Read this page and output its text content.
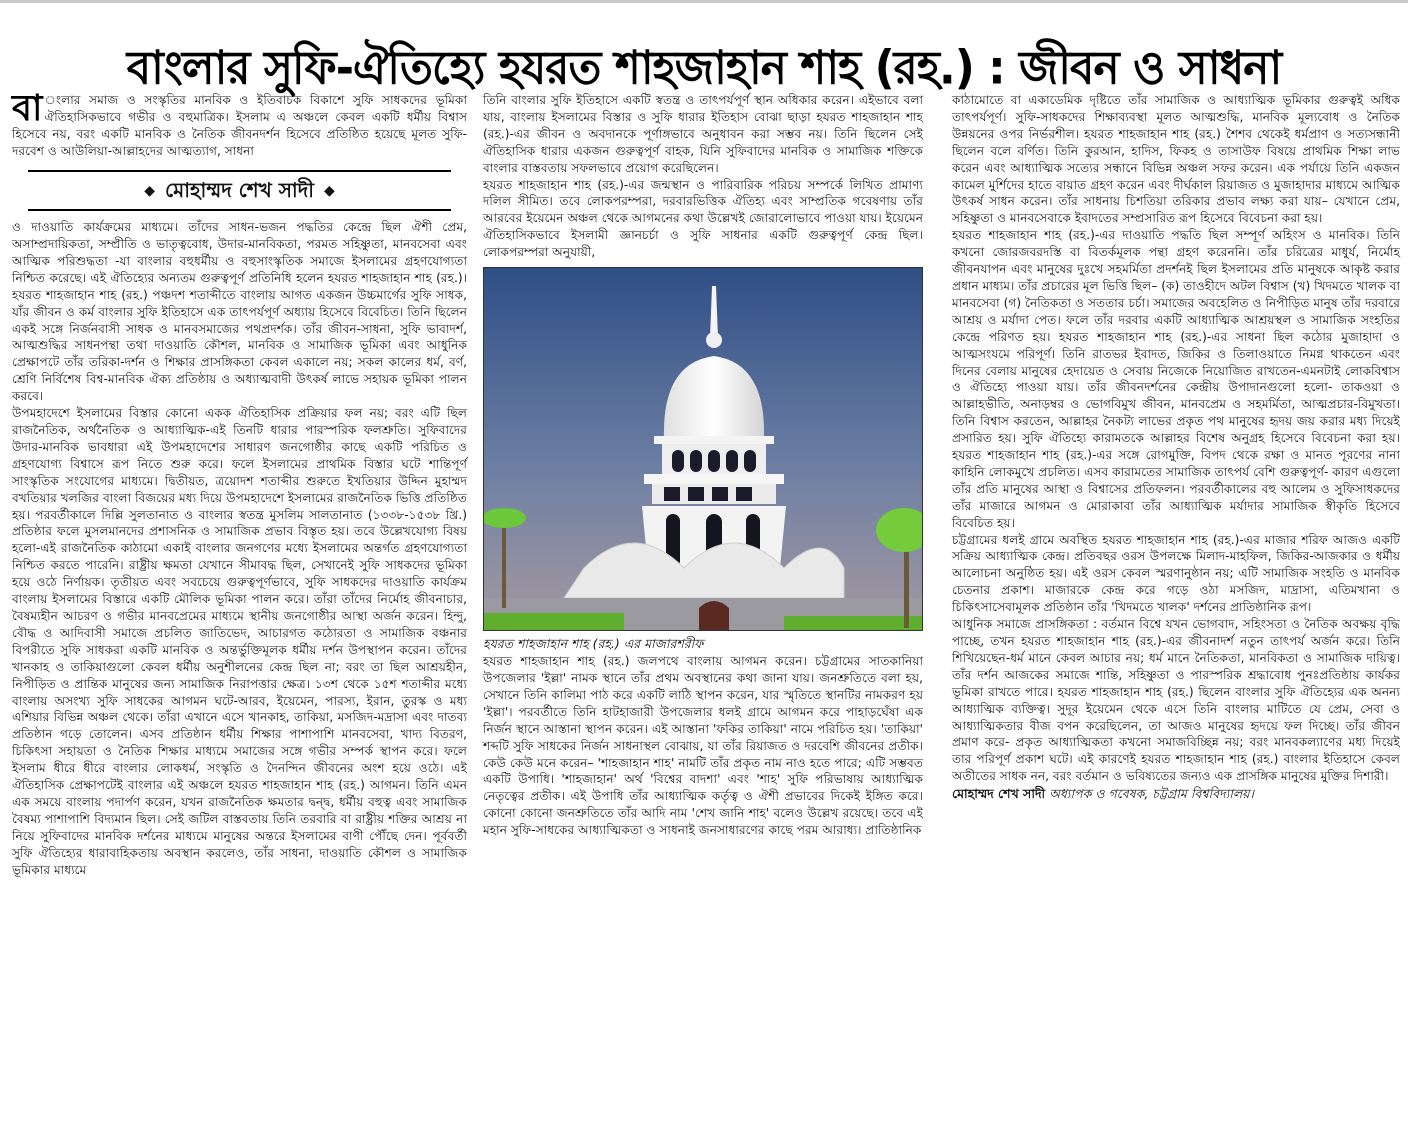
বাংলার সুফি-ঐতিহ্যে হযরত শাহজাহান শাহ (রহ.) : জীবন ও সাধনা

বা ংলার সমাজ ও সংস্কৃতির মানবিক ও ইতিবাচক বিকাশে সুফি সাধকদের ভূমিকা ঐতিহাসিকভাবে গভীর ও বহুমাত্রিক। ইসলাম এ অঞ্চলে কেবল একটি ধর্মীয় বিশ্বাস হিসেবে নয়, বরং একটি মানবিক ও নৈতিক জীবনদর্শন হিসেবে প্রতিষ্ঠিত হয়েছে মূলত সুফি-দরবেশ ও আউলিয়া-আল্লাহদের আত্মত্যাগ, সাধনা

◆ মোহাম্মদ শেখ সাদী ◆

ও দাওয়াতি কার্যক্রমের মাধ্যমে। তাঁদের সাধন-ভজন পদ্ধতির কেন্দ্রে ছিল ঐশী প্রেম, অসাম্প্রদায়িকতা, সম্প্রীতি ও ভাতৃত্ববোধ, উদার-মানবিকতা, পরমত সহিষ্ণুতা, মানবসেবা এবং আত্মিক পরিশুদ্ধতা -যা বাংলার বহুধর্মীয় ও বহুসাংস্কৃতিক সমাজে ইসলামের গ্রহণযোগ্যতা নিশ্চিত করেছে। এই ঐতিহ্যের অন্যতম গুরুত্বপূর্ণ প্রতিনিধি হলেন হযরত শাহজাহান শাহ (রহ.)। হযরত শাহজাহান শাহ (রহ.) পঞ্চদশ শতাব্দীতে বাংলায় আগত একজন উচ্চমার্গের সুফি সাধক, যাঁর জীবন ও কর্ম বাংলার সুফি ইতিহাসে এক তাৎপর্যপূর্ণ অধ্যায় হিসেবে বিবেচিত। তিনি ছিলেন একই সঙ্গে নির্জনবাসী সাধক ও মানবসমাজের পথপ্রদর্শক। তাঁর জীবন-সাধনা, সুফি ভাবাদর্শ, আত্মশুদ্ধির সাধনপন্থা তথা দাওয়াতি কৌশল, মানবিক ও সামাজিক ভূমিকা এবং আধুনিক প্রেক্ষাপটে তাঁর তরিকা-দর্শন ও শিক্ষার প্রাসঙ্গিকতা কেবল একালে নয়; সকল কালের ধর্ম, বর্ণ, শ্রেণি নির্বিশেষ বিশ্ব-মানবিক ঐক্য প্রতিষ্ঠায় ও অধ্যাত্মবাদী উৎকর্ষ লাভে সহায়ক ভূমিকা পালন করবে।

উপমহাদেশে ইসলামের বিস্তার কোনো একক ঐতিহাসিক প্রক্রিয়ার ফল নয়; বরং এটি ছিল রাজনৈতিক, অর্থনৈতিক ও আধ্যাত্মিক-এই তিনটি ধারার পারস্পরিক ফলশ্রুতি। সুফিবাদের উদার-মানবিক ভাবধারা এই উপমহাদেশের সাধারণ জনগোষ্ঠীর কাছে একটি পরিচিত ও গ্রহণযোগ্য বিশ্বাসে রূপ নিতে শুরু করে। ফলে ইসলামের প্রাথমিক বিস্তার ঘটে শান্তিপূর্ণ সাংস্কৃতিক সংযোগের মাধ্যমে। দ্বিতীয়ত, ত্রয়োদশ শতাব্দীর শুরুতে ইখতিয়ার উদ্দিন মুহাম্মদ বখতিয়ার খলজির বাংলা বিজয়ের মধ্য দিয়ে উপমহাদেশে ইসলামের রাজনৈতিক ভিত্তি প্রতিষ্ঠিত হয়। পরবর্তীকালে দিল্লি সুলতানাত ও বাংলার স্বতন্ত্র মুসলিম সালতানাত (১৩৩৮-১৫৩৮ খ্রি.) প্রতিষ্ঠার ফলে মুসলমানদের প্রশাসনিক ও সামাজিক প্রভাব বিস্তৃত হয়। তবে উল্লেখযোগ্য বিষয় হলো-এই রাজনৈতিক কাঠামো একাই বাংলার জনগণের মধ্যে ইসলামের অন্তর্গত গ্রহণযোগ্যতা নিশ্চিত করতে পারেনি। রাষ্ট্রীয় ক্ষমতা যেখানে সীমাবদ্ধ ছিল, সেখানেই সুফি সাধকদের ভূমিকা হয়ে ওঠে নির্ণায়ক। তৃতীয়ত এবং সবচেয়ে গুরুত্বপূর্ণভাবে, সুফি সাধকদের দাওয়াতি কার্যক্রম বাংলায় ইসলামের বিস্তারে একটি মৌলিক ভূমিকা পালন করে। তাঁরা তাঁদের নির্মোহ জীবনাচার, বৈষম্যহীন আচরণ ও গভীর মানবপ্রেমের মাধ্যমে স্থানীয় জনগোষ্ঠীর আস্থা অর্জন করেন। হিন্দু, বৌদ্ধ ও আদিবাসী সমাজে প্রচলিত জাতিভেদ, আচারগত কঠোরতা ও সামাজিক বঞ্চনার বিপরীতে সুফি সাধকরা একটি মানবিক ও অন্তর্ভুক্তিমূলক ধর্মীয় দর্শন উপস্থাপন করেন। তাঁদের খানকাহ ও তাকিয়াগুলো কেবল ধর্মীয় অনুশীলনের কেন্দ্র ছিল না; বরং তা ছিল আশ্রয়হীন, নিপীড়িত ও প্রান্তিক মানুষের জন্য সামাজিক নিরাপত্তার ক্ষেত্র। ১৩শ থেকে ১৫শ শতাব্দীর মধ্যে বাংলায় অসংখ্য সুফি সাধকের আগমন ঘটে-আরব, ইয়েমেন, পারস্য, ইরান, তুরস্ক ও মধ্য এশিয়ার বিভিন্ন অঞ্চল থেকে। তাঁরা এখানে এসে খানকাহ, তাকিয়া, মসজিদ-মদ্রাসা এবং দাতব্য প্রতিষ্ঠান গড়ে তোলেন। এসব প্রতিষ্ঠান ধর্মীয় শিক্ষার পাশাপাশি মানবসেবা, খাদ্য বিতরণ, চিকিৎসা সহায়তা ও নৈতিক শিক্ষার মাধ্যমে সমাজের সঙ্গে গভীর সম্পর্ক স্থাপন করে। ফলে ইসলাম ধীরে ধীরে বাংলার লোকধর্ম, সংস্কৃতি ও দৈনন্দিন জীবনের অংশ হয়ে ওঠে। এই ঐতিহাসিক প্রেক্ষাপটেই বাংলার এই অঞ্চলে হযরত শাহজাহান শাহ (রহ.) আগমন। তিনি এমন এক সময়ে বাংলায় পদার্পণ করেন, যখন রাজনৈতিক ক্ষমতার দ্বন্দ্ব, ধর্মীয় বহুত্ব এবং সামাজিক বৈষম্য পাশাপাশি বিদ্যমান ছিল। সেই জটিল বাস্তবতায় তিনি তরবারি বা রাষ্ট্রীয় শক্তির আশ্রয় না নিয়ে সুফিবাদের মানবিক দর্শনের মাধ্যমে মানুষের অন্তরে ইসলামের বাণী পৌঁছে দেন। পূর্ববর্তী সুফি ঐতিহ্যের ধারাবাহিকতায় অবস্থান করলেও, তাঁর সাধনা, দাওয়াতি কৌশল ও সামাজিক ভূমিকার মাধ্যমে

তিনি বাংলার সুফি ইতিহাসে একটি স্বতন্ত্র ও তাৎপর্যপূর্ণ স্থান অধিকার করেন। এইভাবে বলা যায়, বাংলায় ইসলামের বিস্তার ও সুফি ধারার ইতিহাস বোঝা ছাড়া হযরত শাহজাহান শাহ (রহ.)-এর জীবন ও অবদানকে পূর্ণাঙ্গভাবে অনুধাবন করা সম্ভব নয়। তিনি ছিলেন সেই ঐতিহাসিক ধারার একজন গুরুত্বপূর্ণ বাহক, যিনি সুফিবাদের মানবিক ও সামাজিক শক্তিকে বাংলার বাস্তবতায় সফলভাবে প্রয়োগ করেছিলেন।

হযরত শাহজাহান শাহ (রহ.)-এর জন্মস্থান ও পারিবারিক পরিচয় সম্পর্কে লিখিত প্রামাণ্য দলিল সীমিত। তবে লোকপরম্পরা, দরবারভিত্তিক ঐতিহ্য এবং সাম্প্রতিক গবেষণায় তাঁর আরবের ইয়েমেন অঞ্চল থেকে আগমনের কথা উল্লেখই জোরালোভাবে পাওয়া যায়। ইয়েমেন ঐতিহাসিকভাবে ইসলামী জ্ঞানচর্চা ও সুফি সাধনার একটি গুরুত্বপূর্ণ কেন্দ্র ছিল। লোকপরম্পরা অনুযায়ী,

হযরত শাহজাহান শাহ (রহ.) এর মাজারশরীফ

হযরত শাহজাহান শাহ (রহ.) জলপথে বাংলায় আগমন করেন। চট্টগ্রামের সাতকানিয়া উপজেলার 'ইল্লা' নামক স্থানে তাঁর প্রথম অবস্থানের কথা জানা যায়। জনশ্রুতিতে বলা হয়, সেখানে তিনি কালিমা পাঠ করে একটি লাঠি স্থাপন করেন, যার স্মৃতিতে স্থানটির নামকরণ হয় 'ইল্লা'। পরবর্তীতে তিনি হাটহাজারী উপজেলার ধলই গ্রামে আগমন করে পাহাড়ঘেঁষা এক নির্জন স্থানে আস্তানা স্থাপন করেন। এই আস্তানা 'ফকির তাকিয়া' নামে পরিচিত হয়। 'তাকিয়া' শব্দটি সুফি সাধকের নির্জন সাধনাস্থল বোঝায়, যা তাঁর রিয়াজত ও দরবেশি জীবনের প্রতীক। কেউ কেউ মনে করেন– 'শাহজাহান শাহ' নামটি তাঁর প্রকৃত নাম নাও হতে পারে; এটি সম্ভবত একটি উপাধি। 'শাহজাহান' অর্থ 'বিশ্বের বাদশা' এবং 'শাহ' সুফি পরিভাষায় আধ্যাত্মিক নেতৃত্বের প্রতীক। এই উপাধি তাঁর আধ্যাত্মিক কর্তৃত্ব ও ঐশী প্রভাবের দিকেই ইঙ্গিত করে। কোনো কোনো জনশ্রুতিতে তাঁর আদি নাম 'শেখ জানি শাহ' বলেও উল্লেখ রয়েছে। তবে এই মহান সুফি-সাধকের আধ্যাত্মিকতা ও সাধনাই জনসাধারণের কাছে পরম আরাধ্য। প্রাতিষ্ঠানিক

কাঠামোতে বা একাডেমিক দৃষ্টিতে তাঁর সামাজিক ও আধ্যাত্মিক ভূমিকার গুরুত্বই অধিক তাৎপর্যপূর্ণ। সুফি-সাধকদের শিক্ষাব্যবস্থা মূলত আত্মশুদ্ধি, মানবিক মূল্যবোধ ও নৈতিক উন্নয়নের ওপর নির্ভরশীল। হযরত শাহজাহান শাহ (রহ.) শৈশব থেকেই ধর্মপ্রাণ ও সত্যসন্ধানী ছিলেন বলে বর্ণিত। তিনি কুরআন, হাদিস, ফিকহ ও তাসাউফ বিষয়ে প্রাথমিক শিক্ষা লাভ করেন এবং আধ্যাত্মিক সত্যের সন্ধানে বিভিন্ন অঞ্চল সফর করেন। এক পর্যায়ে তিনি একজন কামেল মুর্শিদের হাতে বায়াত গ্রহণ করেন এবং দীর্ঘকাল রিয়াজত ও মুজাহাদার মাধ্যমে আত্মিক উৎকর্ষ সাধন করেন। তাঁর সাধনায় চিশতিয়া তরিকার প্রভাব লক্ষ্য করা যায়– যেখানে প্রেম, সহিষ্ণুতা ও মানবসেবাকে ইবাদতের সম্প্রসারিত রূপ হিসেবে বিবেচনা করা হয়।

হযরত শাহজাহান শাহ (রহ.)-এর দাওয়াতি পদ্ধতি ছিল সম্পূর্ণ অহিংস ও মানবিক। তিনি কখনো জোরজবরদস্তি বা বিতর্কমূলক পন্থা গ্রহণ করেননি। তাঁর চরিত্রের মাধুর্য, নির্মোহ জীবনযাপন এবং মানুষের দুঃখে সহমর্মিতা প্রদর্শনই ছিল ইসলামের প্রতি মানুষকে আকৃষ্ট করার প্রধান মাধ্যম। তাঁর প্রচারের মূল ভিত্তি ছিল– (ক) তাওহীদে অটল বিশ্বাস (খ) খিদমতে খালক বা মানবসেবা (গ) নৈতিকতা ও সততার চর্চা। সমাজের অবহেলিত ও নিপীড়িত মানুষ তাঁর দরবারে আশ্রয় ও মর্যাদা পেত। ফলে তাঁর দরবার একটি আধ্যাত্মিক আশ্রয়স্থল ও সামাজিক সংহতির কেন্দ্রে পরিণত হয়। হযরত শাহজাহান শাহ (রহ.)-এর সাধনা ছিল কঠোর মুজাহাদা ও আত্মসংযমে পরিপূর্ণ। তিনি রাতভর ইবাদত, জিকির ও তিলাওয়াতে নিমগ্ন থাকতেন এবং দিনের বেলায় মানুষের হেদায়েত ও সেবায় নিজেকে নিয়োজিত রাখতেন-এমনটাই লোকবিশ্বাস ও ঐতিহ্যে পাওয়া যায়। তাঁর জীবনদর্শনের কেন্দ্রীয় উপাদানগুলো হলো- তাকওয়া ও আল্লাহভীতি, অনাড়ম্বর ও ভোগবিমুখ জীবন, মানবপ্রেম ও সহমর্মিতা, আত্মপ্রচার-বিমুখতা। তিনি বিশ্বাস করতেন, আল্লাহর নৈকট্য লাভের প্রকৃত পথ মানুষের হৃদয় জয় করার মধ্য দিয়েই প্রসারিত হয়। সুফি ঐতিহ্যে কারামতকে আল্লাহর বিশেষ অনুগ্রহ হিসেবে বিবেচনা করা হয়। হযরত শাহজাহান শাহ (রহ.)-এর সঙ্গে রোগমুক্তি, বিপদ থেকে রক্ষা ও মানত পূরণের নানা কাহিনি লোকমুখে প্রচলিত। এসব কারামতের সামাজিক তাৎপর্য বেশি গুরুত্বপূর্ণ- কারণ এগুলো তাঁর প্রতি মানুষের আস্থা ও বিশ্বাসের প্রতিফলন। পরবর্তীকালের বহু আলেম ও সুফিসাধকদের তাঁর মাজারে আগমন ও মোরাকাবা তাঁর আধ্যাত্মিক মর্যাদার সামাজিক স্বীকৃতি হিসেবে বিবেচিত হয়।

চট্টগ্রামের ধলই গ্রামে অবস্থিত হযরত শাহজাহান শাহ (রহ.)-এর মাজার শরিফ আজও একটি সক্রিয় আধ্যাত্মিক কেন্দ্র। প্রতিবছর ওরস উপলক্ষে মিলাদ-মাহফিল, জিকির-আজকার ও ধর্মীয় আলোচনা অনুষ্ঠিত হয়। এই ওরস কেবল স্মরণানুষ্ঠান নয়; এটি সামাজিক সংহতি ও মানবিক চেতনার প্রকাশ। মাজারকে কেন্দ্র করে গড়ে ওঠা মসজিদ, মাদ্রাসা, এতিমখানা ও চিকিৎসাসেবামূলক প্রতিষ্ঠান তাঁর 'খিদমতে খালক' দর্শনের প্রাতিষ্ঠানিক রূপ।

আধুনিক সমাজে প্রাসঙ্গিকতা : বর্তমান বিশ্বে যখন ভোগবাদ, সহিংসতা ও নৈতিক অবক্ষয় বৃদ্ধি পাচ্ছে, তখন হযরত শাহজাহান শাহ (রহ.)-এর জীবনাদর্শ নতুন তাৎপর্য অর্জন করে। তিনি শিখিয়েছেন-ধর্ম মানে কেবল আচার নয়; ধর্ম মানে নৈতিকতা, মানবিকতা ও সামাজিক দায়িত্ব। তাঁর দর্শন আজকের সমাজে শান্তি, সহিষ্ণুতা ও পারস্পরিক শ্রদ্ধাবোধ পুনঃপ্রতিষ্ঠায় কার্যকর ভূমিকা রাখতে পারে। হযরত শাহজাহান শাহ (রহ.) ছিলেন বাংলার সুফি ঐতিহ্যের এক অনন্য আধ্যাত্মিক ব্যক্তিত্ব। সুদূর ইয়েমেন থেকে এসে তিনি বাংলার মাটিতে যে প্রেম, সেবা ও আধ্যাত্মিকতার বীজ বপন করেছিলেন, তা আজও মানুষের হৃদয়ে ফল দিচ্ছে। তাঁর জীবন প্রমাণ করে- প্রকৃত আধ্যাত্মিকতা কখনো সমাজবিচ্ছিন্ন নয়; বরং মানবকল্যাণের মধ্য দিয়েই তার পরিপূর্ণ প্রকাশ ঘটে। এই কারণেই হযরত শাহজাহান শাহ (রহ.) বাংলার ইতিহাসে কেবল অতীতের সাধক নন, বরং বর্তমান ও ভবিষ্যতের জন্যও এক প্রাসঙ্গিক মানুষের মুক্তির দিশারী।

মোহাম্মদ শেখ সাদী অধ্যাপক ও গবেষক, চট্টগ্রাম বিশ্ববিদ্যালয়।
